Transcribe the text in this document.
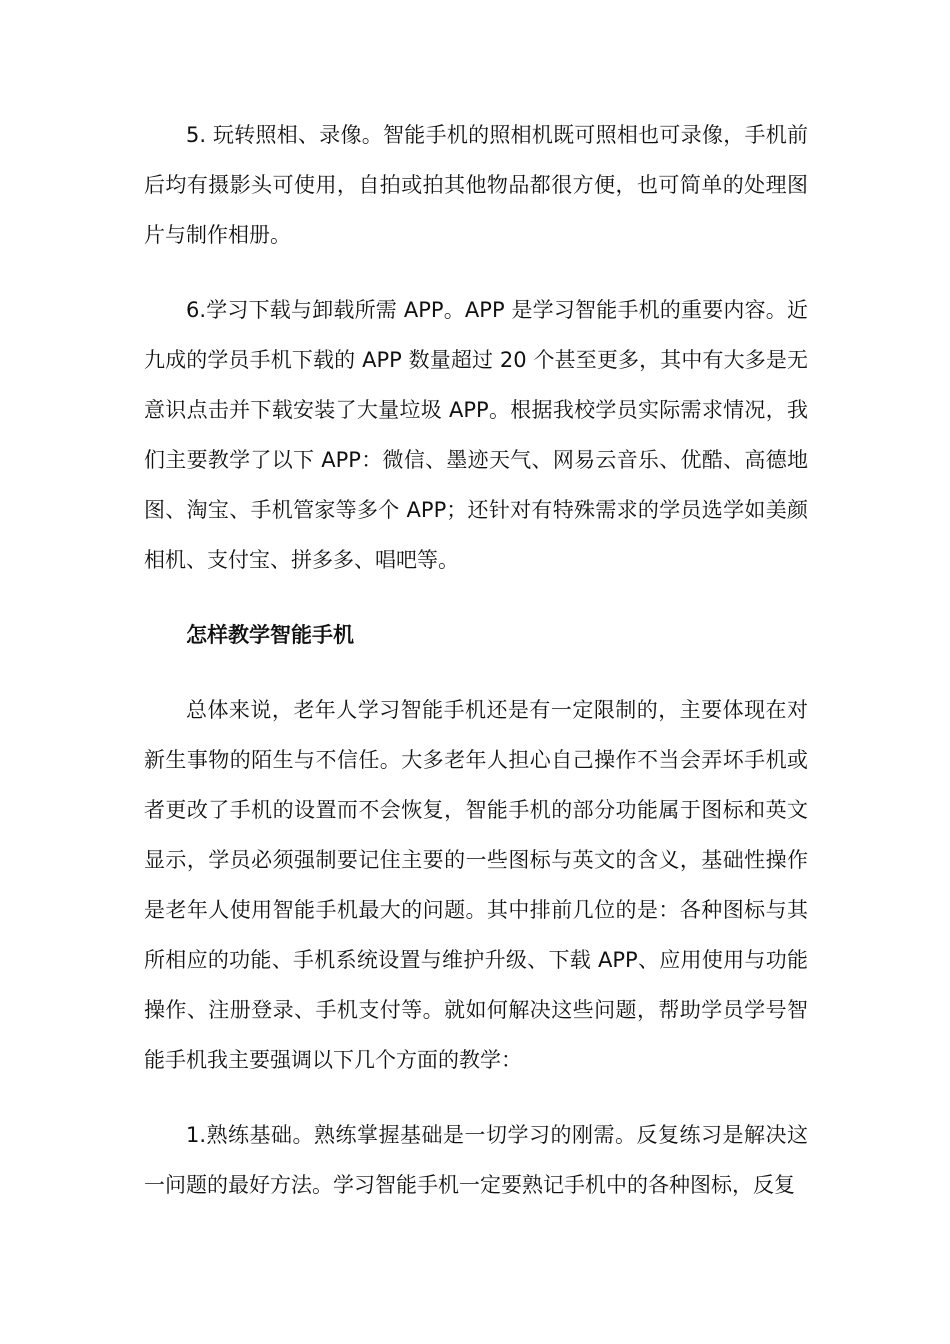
5. 玩转照相、录像。智能手机的照相机既可照相也可录像，手机前后均有摄影头可使用，自拍或拍其他物品都很方便，也可简单的处理图片与制作相册。

6.学习下载与卸载所需 APP。APP 是学习智能手机的重要内容。近九成的学员手机下载的 APP 数量超过 20 个甚至更多，其中有大多是无意识点击并下载安装了大量垃圾 APP。根据我校学员实际需求情况，我们主要教学了以下 APP：微信、墨迹天气、网易云音乐、优酷、高德地图、淘宝、手机管家等多个 APP；还针对有特殊需求的学员选学如美颜相机、支付宝、拼多多、唱吧等。

怎样教学智能手机

总体来说，老年人学习智能手机还是有一定限制的，主要体现在对新生事物的陌生与不信任。大多老年人担心自己操作不当会弄坏手机或者更改了手机的设置而不会恢复，智能手机的部分功能属于图标和英文显示，学员必须强制要记住主要的一些图标与英文的含义，基础性操作是老年人使用智能手机最大的问题。其中排前几位的是：各种图标与其所相应的功能、手机系统设置与维护升级、下载 APP、应用使用与功能操作、注册登录、手机支付等。就如何解决这些问题，帮助学员学号智能手机我主要强调以下几个方面的教学：

1.熟练基础。熟练掌握基础是一切学习的刚需。反复练习是解决这一问题的最好方法。学习智能手机一定要熟记手机中的各种图标，反复
